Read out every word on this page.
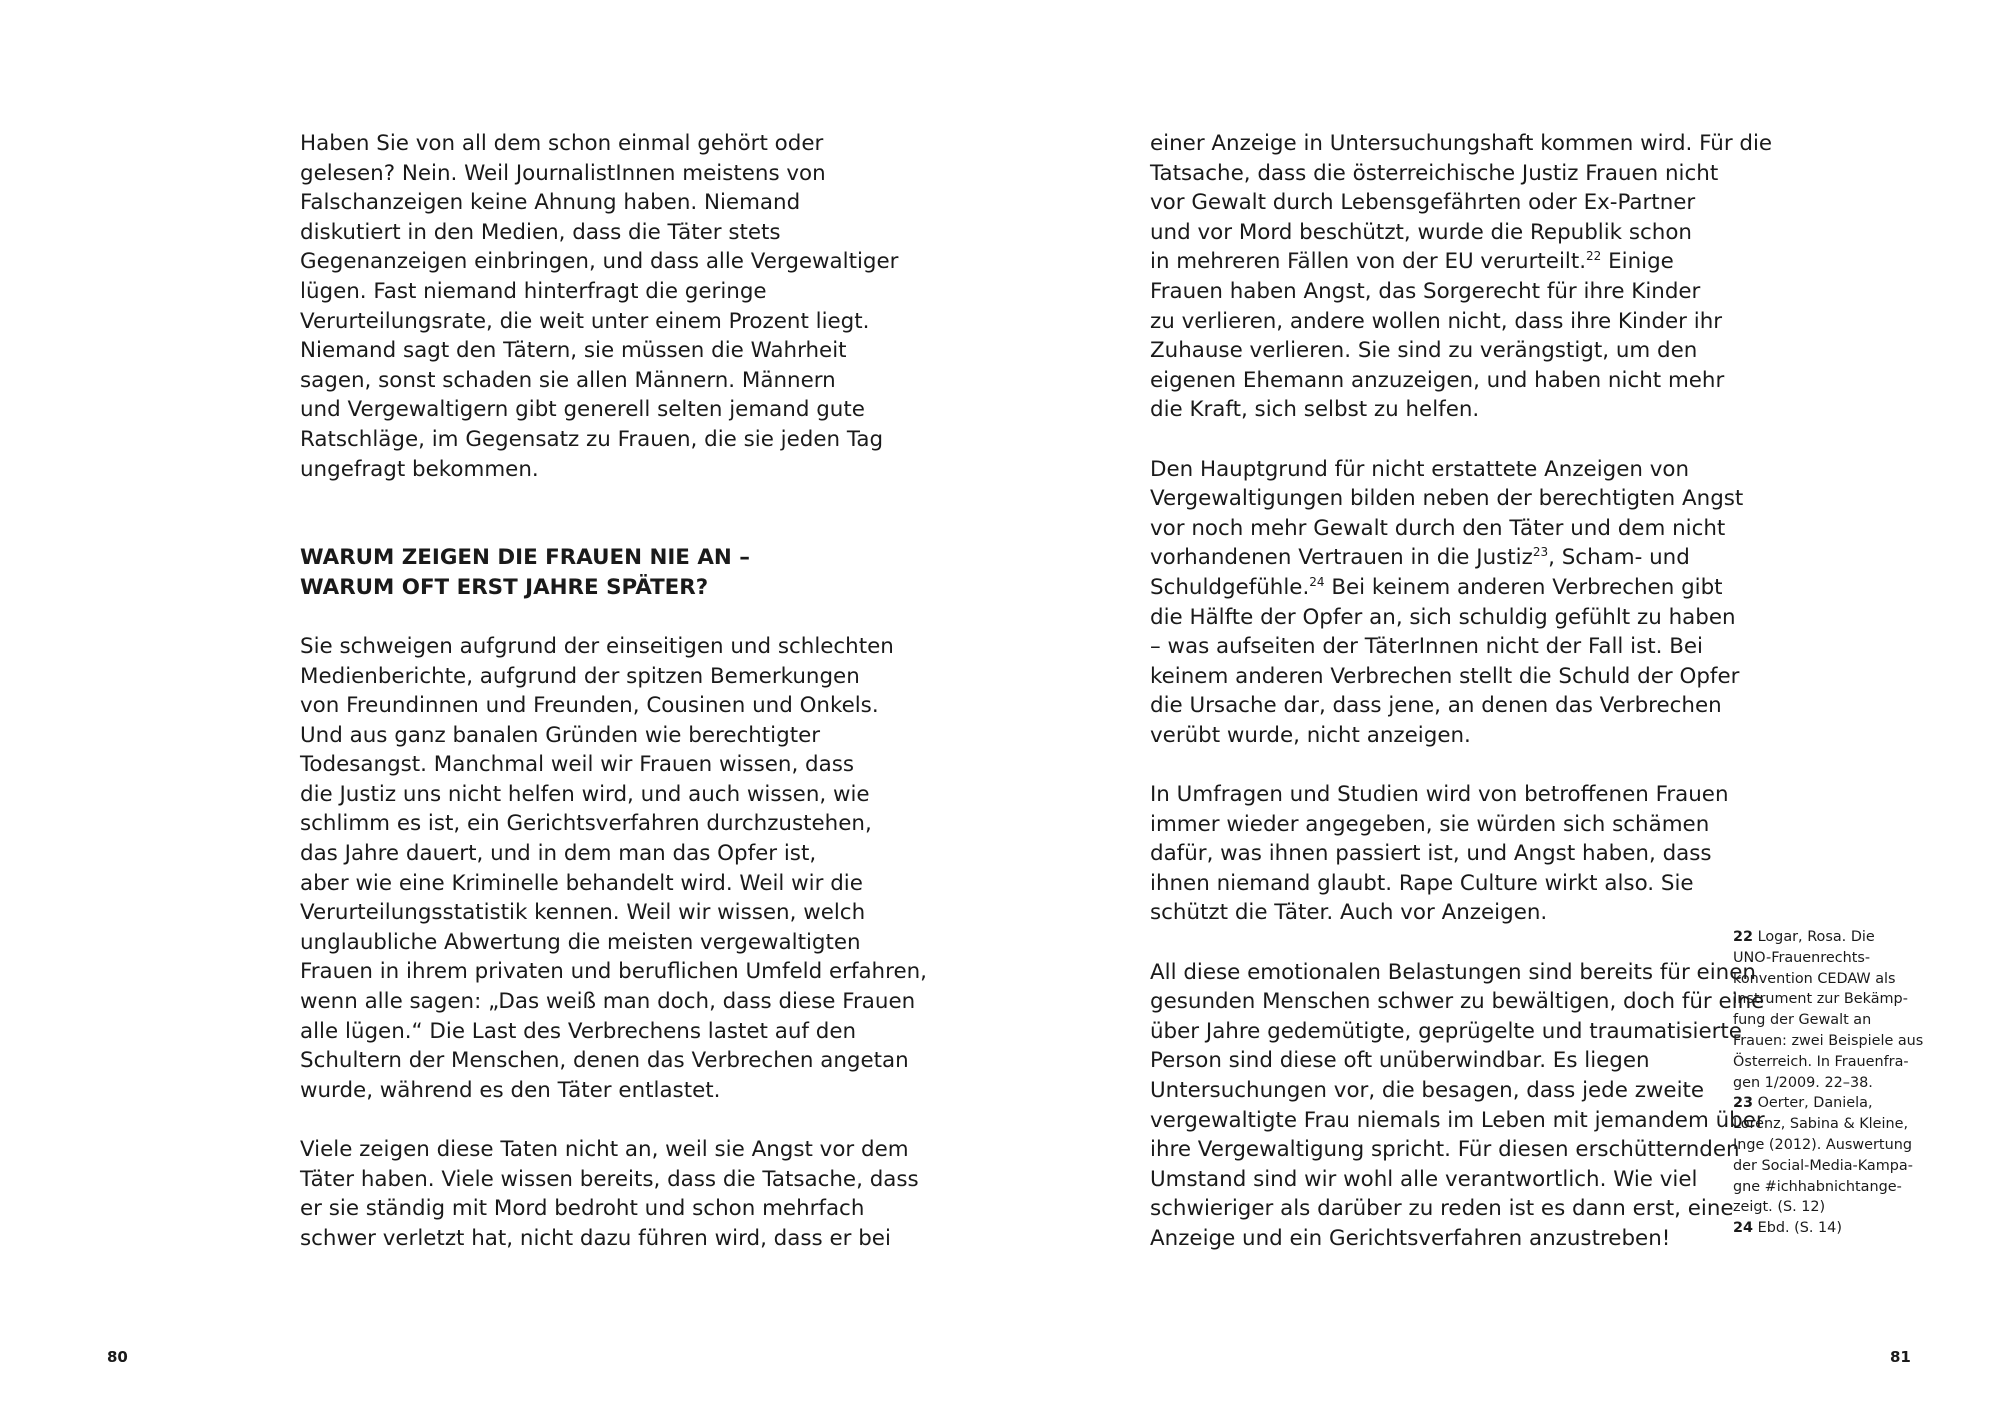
Haben Sie von all dem schon einmal gehört oder
gelesen? Nein. Weil JournalistInnen meistens von
Falschanzeigen keine Ahnung haben. Niemand
diskutiert in den Medien, dass die Täter stets
Gegenanzeigen einbringen, und dass alle Vergewaltiger
lügen. Fast niemand hinterfragt die geringe
Verurteilungsrate, die weit unter einem Prozent liegt.
Niemand sagt den Tätern, sie müssen die Wahrheit
sagen, sonst schaden sie allen Männern. Männern
und Vergewaltigern gibt generell selten jemand gute
Ratschläge, im Gegensatz zu Frauen, die sie jeden Tag
ungefragt bekommen.

WARUM ZEIGEN DIE FRAUEN NIE AN –
WARUM OFT ERST JAHRE SPÄTER?

Sie schweigen aufgrund der einseitigen und schlechten
Medienberichte, aufgrund der spitzen Bemerkungen
von Freundinnen und Freunden, Cousinen und Onkels.
Und aus ganz banalen Gründen wie berechtigter
Todesangst. Manchmal weil wir Frauen wissen, dass
die Justiz uns nicht helfen wird, und auch wissen, wie
schlimm es ist, ein Gerichtsverfahren durchzustehen,
das Jahre dauert, und in dem man das Opfer ist,
aber wie eine Kriminelle behandelt wird. Weil wir die
Verurteilungsstatistik kennen. Weil wir wissen, welch
unglaubliche Abwertung die meisten vergewaltigten
Frauen in ihrem privaten und beruflichen Umfeld erfahren,
wenn alle sagen: „Das weiß man doch, dass diese Frauen
alle lügen.“ Die Last des Verbrechens lastet auf den
Schultern der Menschen, denen das Verbrechen angetan
wurde, während es den Täter entlastet.

Viele zeigen diese Taten nicht an, weil sie Angst vor dem
Täter haben. Viele wissen bereits, dass die Tatsache, dass
er sie ständig mit Mord bedroht und schon mehrfach
schwer verletzt hat, nicht dazu führen wird, dass er bei

80

einer Anzeige in Untersuchungshaft kommen wird. Für die
Tatsache, dass die österreichische Justiz Frauen nicht
vor Gewalt durch Lebensgefährten oder Ex-Partner
und vor Mord beschützt, wurde die Republik schon
in mehreren Fällen von der EU verurteilt.$^{22}$ Einige
Frauen haben Angst, das Sorgerecht für ihre Kinder
zu verlieren, andere wollen nicht, dass ihre Kinder ihr
Zuhause verlieren. Sie sind zu verängstigt, um den
eigenen Ehemann anzuzeigen, und haben nicht mehr
die Kraft, sich selbst zu helfen.

Den Hauptgrund für nicht erstattete Anzeigen von
Vergewaltigungen bilden neben der berechtigten Angst
vor noch mehr Gewalt durch den Täter und dem nicht
vorhandenen Vertrauen in die Justiz$^{23}$, Scham- und
Schuldgefühle.$^{24}$ Bei keinem anderen Verbrechen gibt
die Hälfte der Opfer an, sich schuldig gefühlt zu haben
– was aufseiten der TäterInnen nicht der Fall ist. Bei
keinem anderen Verbrechen stellt die Schuld der Opfer
die Ursache dar, dass jene, an denen das Verbrechen
verübt wurde, nicht anzeigen.

In Umfragen und Studien wird von betroffenen Frauen
immer wieder angegeben, sie würden sich schämen
dafür, was ihnen passiert ist, und Angst haben, dass
ihnen niemand glaubt. Rape Culture wirkt also. Sie
schützt die Täter. Auch vor Anzeigen.

All diese emotionalen Belastungen sind bereits für einen
gesunden Menschen schwer zu bewältigen, doch für eine
über Jahre gedemütigte, geprügelte und traumatisierte
Person sind diese oft unüberwindbar. Es liegen
Untersuchungen vor, die besagen, dass jede zweite
vergewaltigte Frau niemals im Leben mit jemandem über
ihre Vergewaltigung spricht. Für diesen erschütternden
Umstand sind wir wohl alle verantwortlich. Wie viel
schwieriger als darüber zu reden ist es dann erst, eine
Anzeige und ein Gerichtsverfahren anzustreben!

22 Logar, Rosa. Die
UNO-Frauenrechts-
konvention CEDAW als
Instrument zur Bekämp-
fung der Gewalt an
Frauen: zwei Beispiele aus
Österreich. In Frauenfra-
gen 1/2009. 22–38.
23 Oerter, Daniela,
Lorenz, Sabina & Kleine,
Inge (2012). Auswertung
der Social-Media-Kampa-
gne #ichhabnichtange-
zeigt. (S. 12)
24 Ebd. (S. 14)
81
